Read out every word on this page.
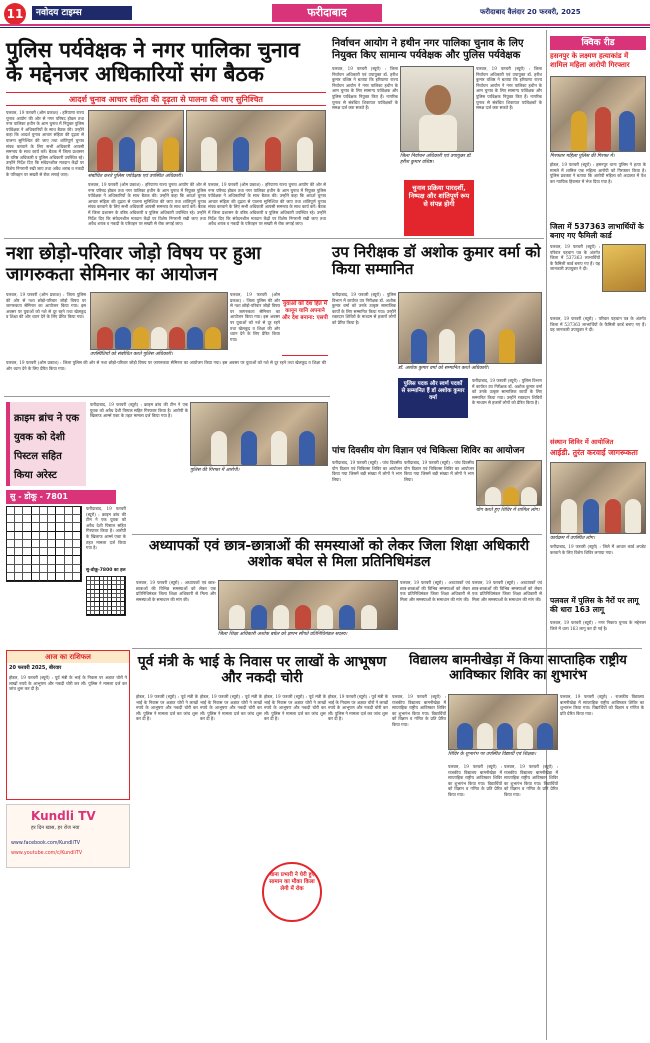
11	नवोदय टाइम्स	फरीदाबाद	फरीदाबाद वैलंदार 20 फरवरी, 2025
पुलिस पर्यवेक्षक ने नगर पालिका चुनाव
के मद्देनजर अधिकारियों संग बैठक
आदर्श चुनाव आचार संहिता की दृढ़ता से पालना की जाए सुनिश्चित
पलवल, 19 फरवरी (ओम प्रकाश) : हरियाणा राज्य चुनाव आयोग की ओर से नगर परिषद होडल तथा नगर पालिका हथीन के आम चुनाव में नियुक्त पुलिस पर्यवेक्षक ने अधिकारियों के साथ बैठक की। उन्होंने कहा कि आदर्श चुनाव आचार संहिता की दृढ़ता से पालना सुनिश्चित की जाए तथा शांतिपूर्ण चुनाव संपन्न करवाने के लिए सभी अधिकारी आपसी समन्वय के साथ कार्य करें। बैठक में जिला प्रशासन के वरिष्ठ अधिकारी व पुलिस अधिकारी उपस्थित रहे। उन्होंने निर्देश दिए कि संवेदनशील मतदान केंद्रों पर विशेष निगरानी रखी जाए तथा अवैध शराब व नकदी के परिवहन पर सख्ती से रोक लगाई जाए।	संबोधित करते पुलिस पर्यवेक्षक एवं उपस्थित अधिकारी।
पलवल, 19 फरवरी (ओम प्रकाश) : हरियाणा राज्य चुनाव आयोग की ओर से नगर परिषद होडल तथा नगर पालिका हथीन के आम चुनाव में नियुक्त पुलिस पर्यवेक्षक ने अधिकारियों के साथ बैठक की। उन्होंने कहा कि आदर्श चुनाव आचार संहिता की दृढ़ता से पालना सुनिश्चित की जाए तथा शांतिपूर्ण चुनाव संपन्न करवाने के लिए सभी अधिकारी आपसी समन्वय के साथ कार्य करें। बैठक में जिला प्रशासन के वरिष्ठ अधिकारी व पुलिस अधिकारी उपस्थित रहे। उन्होंने निर्देश दिए कि संवेदनशील मतदान केंद्रों पर विशेष निगरानी रखी जाए तथा अवैध शराब व नकदी के परिवहन पर सख्ती से रोक लगाई जाए।
पलवल, 19 फरवरी (ओम प्रकाश) : हरियाणा राज्य चुनाव आयोग की ओर से नगर परिषद होडल तथा नगर पालिका हथीन के आम चुनाव में नियुक्त पुलिस पर्यवेक्षक ने अधिकारियों के साथ बैठक की। उन्होंने कहा कि आदर्श चुनाव आचार संहिता की दृढ़ता से पालना सुनिश्चित की जाए तथा शांतिपूर्ण चुनाव संपन्न करवाने के लिए सभी अधिकारी आपसी समन्वय के साथ कार्य करें। बैठक में जिला प्रशासन के वरिष्ठ अधिकारी व पुलिस अधिकारी उपस्थित रहे। उन्होंने निर्देश दिए कि संवेदनशील मतदान केंद्रों पर विशेष निगरानी रखी जाए तथा अवैध शराब व नकदी के परिवहन पर सख्ती से रोक लगाई जाए।
निर्वाचन आयोग ने हथीन नगर पालिका चुनाव के लिए नियुक्त किए सामान्य पर्यवेक्षक और पुलिस पर्यवेक्षक
पलवल, 19 फरवरी (ब्यूरो) : जिला निर्वाचन अधिकारी एवं उपायुक्त डॉ. हरीश कुमार वशिष्ठ ने बताया कि हरियाणा राज्य निर्वाचन आयोग ने नगर पालिका हथीन के आम चुनाव के लिए सामान्य पर्यवेक्षक और पुलिस पर्यवेक्षक नियुक्त किए हैं। नागरिक चुनाव से संबंधित शिकायत पर्यवेक्षकों के समक्ष दर्ज करा सकते हैं।
जिला निर्वाचन अधिकारी एवं उपायुक्त डॉ. हरीश कुमार वशिष्ठ।
पलवल, 19 फरवरी (ब्यूरो) : जिला निर्वाचन अधिकारी एवं उपायुक्त डॉ. हरीश कुमार वशिष्ठ ने बताया कि हरियाणा राज्य निर्वाचन आयोग ने नगर पालिका हथीन के आम चुनाव के लिए सामान्य पर्यवेक्षक और पुलिस पर्यवेक्षक नियुक्त किए हैं। नागरिक चुनाव से संबंधित शिकायत पर्यवेक्षकों के समक्ष दर्ज करा सकते हैं।
चुनाव प्रक्रिया पारदर्शी, निष्पक्ष और शांतिपूर्ण रूप से संपन्न होगी
क्विक रीड
हसनपुर के लक्ष्मण हत्याकांड में शामिल महिला आरोपी गिरफ्तार
गिरफ्तार महिला पुलिस की गिरफ्त में।
होडल, 19 फरवरी (ब्यूरो) : हसनपुर थाना पुलिस ने हत्या के मामले में शामिल एक महिला आरोपी को गिरफ्तार किया है। पुलिस प्रवक्ता ने बताया कि आरोपी महिला को अदालत में पेश कर न्यायिक हिरासत में भेज दिया गया है।
जिला में 537363 लाभार्थियों के बनाए गए फैमिली कार्ड
पलवल, 19 फरवरी (ब्यूरो) : परिवार पहचान पत्र के अंतर्गत जिला में 537363 लाभार्थियों के फैमिली कार्ड बनाए गए हैं। यह जानकारी उपायुक्त ने दी।
पलवल, 19 फरवरी (ब्यूरो) : परिवार पहचान पत्र के अंतर्गत जिला में 537363 लाभार्थियों के फैमिली कार्ड बनाए गए हैं। यह जानकारी उपायुक्त ने दी।
संस्थान शिविर में आयोजित
आईडी. तुरंत करवाई जागरूकता
कार्यक्रम में उपस्थित लोग।
फरीदाबाद, 19 फरवरी (ब्यूरो) : जिले में आधार कार्ड अपडेट करवाने के लिए विशेष शिविर लगाया गया।
नशा छोड़ो-परिवार जोड़ो विषय पर हुआ जागरुकता सेमिनार का आयोजन
पलवल, 19 फरवरी (ओम प्रकाश) : जिला पुलिस की ओर से नशा छोड़ो-परिवार जोड़ो विषय पर जागरुकता सेमिनार का आयोजन किया गया। इस अवसर पर युवाओं को नशे से दूर रहने तथा खेलकूद व शिक्षा की ओर ध्यान देने के लिए प्रेरित किया गया।
उपस्थितियों को संबोधित करते पुलिस अधिकारी।
पलवल, 19 फरवरी (ओम प्रकाश) : जिला पुलिस की ओर से नशा छोड़ो-परिवार जोड़ो विषय पर जागरुकता सेमिनार का आयोजन किया गया। इस अवसर पर युवाओं को नशे से दूर रहने तथा खेलकूद व शिक्षा की ओर ध्यान देने के लिए प्रेरित किया गया।
युवाओं को देश हित में कानून यानि अपनाने और देश बनाना: एसपी
पलवल, 19 फरवरी (ओम प्रकाश) : जिला पुलिस की ओर से नशा छोड़ो-परिवार जोड़ो विषय पर जागरुकता सेमिनार का आयोजन किया गया। इस अवसर पर युवाओं को नशे से दूर रहने तथा खेलकूद व शिक्षा की ओर ध्यान देने के लिए प्रेरित किया गया।
उप निरीक्षक डॉ अशोक कुमार वर्मा को किया सम्मानित
फरीदाबाद, 19 फरवरी (ब्यूरो) : पुलिस विभाग में कार्यरत उप निरीक्षक डॉ. अशोक कुमार वर्मा को उनके उत्कृष्ट सामाजिक कार्यों के लिए सम्मानित किया गया। उन्होंने रक्तदान शिविरों के माध्यम से हजारों लोगों को प्रेरित किया है।
डॉ. अशोक कुमार वर्मा को सम्मानित करते अधिकारी।
पुलिस पदक और स्वर्ण पदकों से सम्मानित हैं डॉ अशोक कुमार वर्मा
फरीदाबाद, 19 फरवरी (ब्यूरो) : पुलिस विभाग में कार्यरत उप निरीक्षक डॉ. अशोक कुमार वर्मा को उनके उत्कृष्ट सामाजिक कार्यों के लिए सम्मानित किया गया। उन्होंने रक्तदान शिविरों के माध्यम से हजारों लोगों को प्रेरित किया है।
क्राइम ब्रांच ने एक युवक को देशी पिस्टल सहित किया अरेस्ट
फरीदाबाद, 19 फरवरी (ब्यूरो) : क्राइम ब्रांच की टीम ने एक युवक को अवैध देशी पिस्टल सहित गिरफ्तार किया है। आरोपी के खिलाफ आर्म्स एक्ट के तहत मामला दर्ज किया गया है।
पुलिस की गिरफ्त में आरोपी।
पांच दिवसीय योग विज्ञान एवं चिकित्सा शिविर का आयोजन
फरीदाबाद, 19 फरवरी (ब्यूरो) : पांच दिवसीय योग विज्ञान एवं चिकित्सा शिविर का आयोजन किया गया जिसमें बड़ी संख्या में लोगों ने भाग लिया।
फरीदाबाद, 19 फरवरी (ब्यूरो) : पांच दिवसीय योग विज्ञान एवं चिकित्सा शिविर का आयोजन किया गया जिसमें बड़ी संख्या में लोगों ने भाग लिया।
योग करते हुए शिविर में शामिल लोग।
सु - डोकू - 7801
फरीदाबाद, 19 फरवरी (ब्यूरो) : क्राइम ब्रांच की टीम ने एक युवक को अवैध देशी पिस्टल सहित गिरफ्तार किया है। आरोपी के खिलाफ आर्म्स एक्ट के तहत मामला दर्ज किया गया है।
सु-डोकू-7800 का हल
अध्यापकों एवं छात्र-छात्राओं की समस्याओं को लेकर जिला शिक्षा अधिकारी अशोक बघेल से मिला प्रतिनिधिमंडल
पलवल, 19 फरवरी (ब्यूरो) : अध्यापकों एवं छात्र-छात्राओं की विभिन्न समस्याओं को लेकर एक प्रतिनिधिमंडल जिला शिक्षा अधिकारी से मिला और समस्याओं के समाधान की मांग की।
जिला शिक्षा अधिकारी अशोक बघेल को ज्ञापन सौंपते प्रतिनिधिमंडल सदस्य।
पलवल, 19 फरवरी (ब्यूरो) : अध्यापकों एवं छात्र-छात्राओं की विभिन्न समस्याओं को लेकर एक प्रतिनिधिमंडल जिला शिक्षा अधिकारी से मिला और समस्याओं के समाधान की मांग की।
पलवल, 19 फरवरी (ब्यूरो) : अध्यापकों एवं छात्र-छात्राओं की विभिन्न समस्याओं को लेकर एक प्रतिनिधिमंडल जिला शिक्षा अधिकारी से मिला और समस्याओं के समाधान की मांग की। पलवल में पुलिस के नैरों पर लागू की धारा 163 लागू
पलवल, 19 फरवरी (ब्यूरो) : नगर निकाय चुनाव के मद्देनजर जिले में धारा 163 लागू कर दी गई है।
आज का राशिफल
20 फरवरी 2025, बीरवार
होडल, 19 फरवरी (ब्यूरो) : पूर्व मंत्री के भाई के निवास पर अज्ञात चोरों ने लाखों रुपये के आभूषण और नकदी चोरी कर ली। पुलिस ने मामला दर्ज कर जांच शुरू कर दी है।
Kundli TV
हर दिन खास, हर रोज नया
www.facebook.com/KundliTV
www.youtube.com/c/KundliTV
पूर्व मंत्री के भाई के निवास पर लाखों के आभूषण और नकदी चोरी
होडल, 19 फरवरी (ब्यूरो) : पूर्व मंत्री के भाई के निवास पर अज्ञात चोरों ने लाखों रुपये के आभूषण और नकदी चोरी कर ली। पुलिस ने मामला दर्ज कर जांच शुरू कर दी है।
होडल, 19 फरवरी (ब्यूरो) : पूर्व मंत्री के भाई के निवास पर अज्ञात चोरों ने लाखों रुपये के आभूषण और नकदी चोरी कर ली। पुलिस ने मामला दर्ज कर जांच शुरू कर दी है।
होडल, 19 फरवरी (ब्यूरो) : पूर्व मंत्री के भाई के निवास पर अज्ञात चोरों ने लाखों रुपये के आभूषण और नकदी चोरी कर ली। पुलिस ने मामला दर्ज कर जांच शुरू कर दी है।
थाना प्रभारी ने घेरी हुए सामान का मौका किला लेगी में रोक
होडल, 19 फरवरी (ब्यूरो) : पूर्व मंत्री के भाई के निवास पर अज्ञात चोरों ने लाखों रुपये के आभूषण और नकदी चोरी कर ली। पुलिस ने मामला दर्ज कर जांच शुरू कर दी है।
विद्यालय बामनीखेड़ा में किया साप्ताहिक राष्ट्रीय आविष्कार शिविर का शुभारंभ
पलवल, 19 फरवरी (ब्यूरो) : राजकीय विद्यालय बामनीखेड़ा में साप्ताहिक राष्ट्रीय आविष्कार शिविर का शुभारंभ किया गया। विद्यार्थियों को विज्ञान व गणित के प्रति प्रेरित किया गया।
शिविर के शुभारंभ पर उपस्थित विद्यार्थी एवं शिक्षक।
पलवल, 19 फरवरी (ब्यूरो) : राजकीय विद्यालय बामनीखेड़ा में साप्ताहिक राष्ट्रीय आविष्कार शिविर का शुभारंभ किया गया। विद्यार्थियों को विज्ञान व गणित के प्रति प्रेरित किया गया।
पलवल, 19 फरवरी (ब्यूरो) : राजकीय विद्यालय बामनीखेड़ा में साप्ताहिक राष्ट्रीय आविष्कार शिविर का शुभारंभ किया गया। विद्यार्थियों को विज्ञान व गणित के प्रति प्रेरित किया गया।
पलवल, 19 फरवरी (ब्यूरो) : राजकीय विद्यालय बामनीखेड़ा में साप्ताहिक राष्ट्रीय आविष्कार शिविर का शुभारंभ किया गया। विद्यार्थियों को विज्ञान व गणित के प्रति प्रेरित किया गया।
